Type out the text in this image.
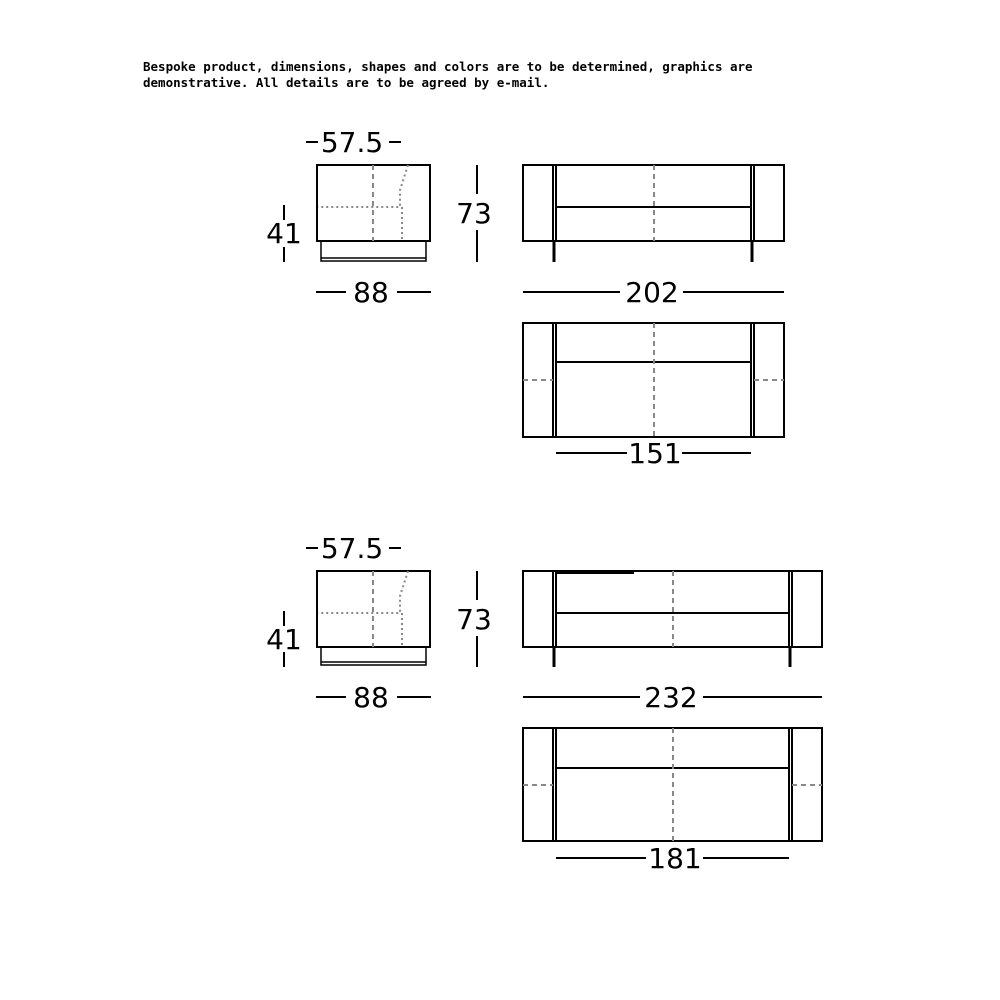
Bespoke product, dimensions, shapes and colors are to be determined, graphics are
demonstrative. All details are to be agreed by e-mail.
57.5
41
73
88	202
151
57.5
41
73
88	232
181
